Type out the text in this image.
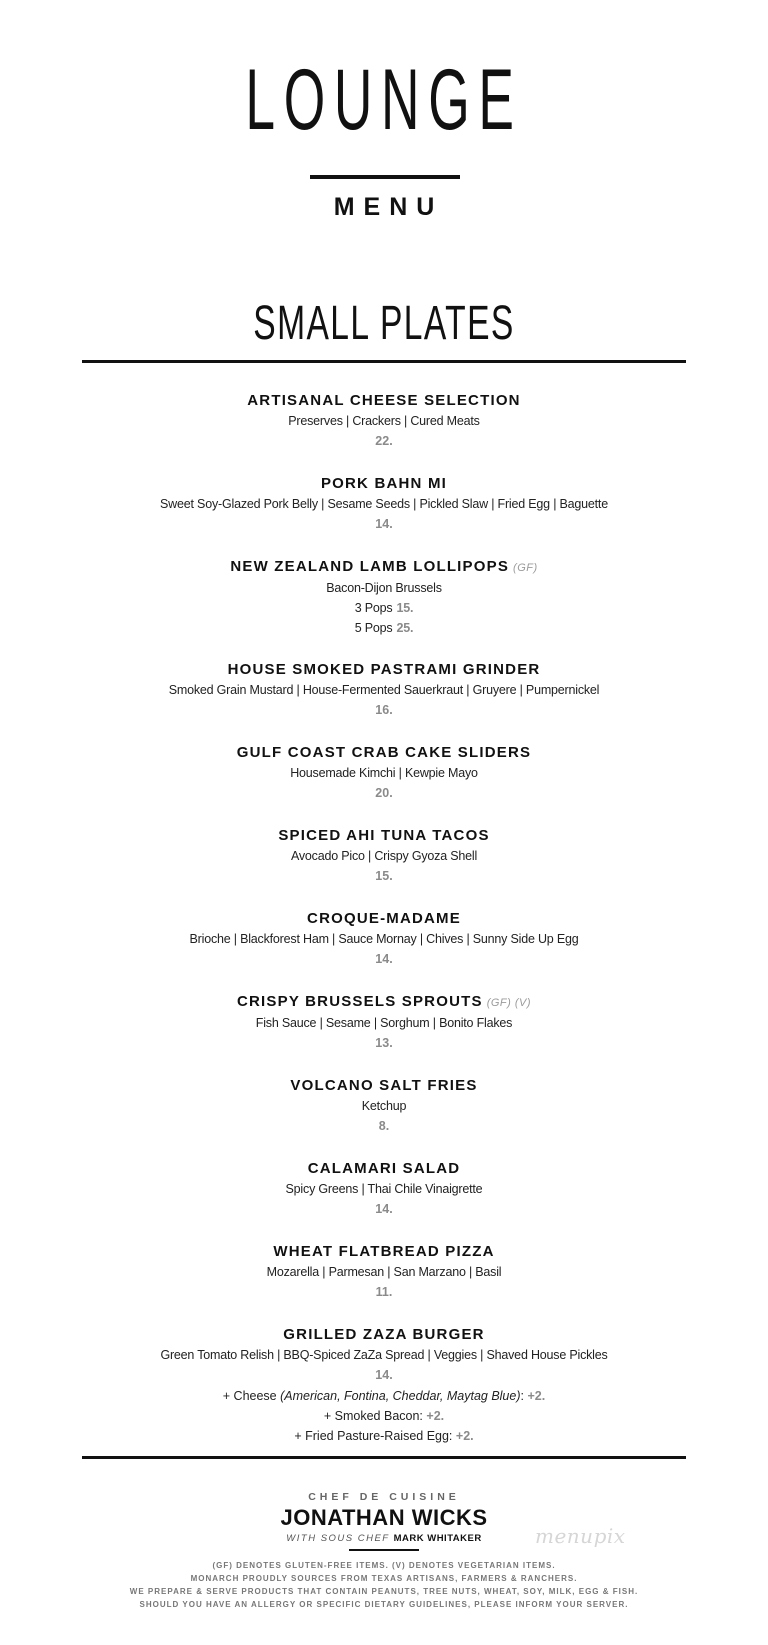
LOUNGE
MENU
SMALL PLATES
ARTISANAL CHEESE SELECTION
Preserves | Crackers | Cured Meats
22.
PORK BAHN MI
Sweet Soy-Glazed Pork Belly | Sesame Seeds | Pickled Slaw | Fried Egg | Baguette
14.
NEW ZEALAND LAMB LOLLIPOPS (GF)
Bacon-Dijon Brussels
3 Pops 15.
5 Pops 25.
HOUSE SMOKED PASTRAMI GRINDER
Smoked Grain Mustard | House-Fermented Sauerkraut | Gruyere | Pumpernickel
16.
GULF COAST CRAB CAKE SLIDERS
Housemade Kimchi | Kewpie Mayo
20.
SPICED AHI TUNA TACOS
Avocado Pico | Crispy Gyoza Shell
15.
CROQUE-MADAME
Brioche | Blackforest Ham | Sauce Mornay | Chives | Sunny Side Up Egg
14.
CRISPY BRUSSELS SPROUTS (GF) (V)
Fish Sauce | Sesame | Sorghum | Bonito Flakes
13.
VOLCANO SALT FRIES
Ketchup
8.
CALAMARI SALAD
Spicy Greens | Thai Chile Vinaigrette
14.
WHEAT FLATBREAD PIZZA
Mozarella | Parmesan | San Marzano | Basil
11.
GRILLED ZAZA BURGER
Green Tomato Relish | BBQ-Spiced ZaZa Spread | Veggies | Shaved House Pickles
14.
+ Cheese (American, Fontina, Cheddar, Maytag Blue): +2.
+ Smoked Bacon: +2.
+ Fried Pasture-Raised Egg: +2.
CHEF DE CUISINE
JONATHAN WICKS
WITH SOUS CHEF MARK WHITAKER
(GF) DENOTES GLUTEN-FREE ITEMS. (V) DENOTES VEGETARIAN ITEMS.
MONARCH PROUDLY SOURCES FROM TEXAS ARTISANS, FARMERS & RANCHERS.
WE PREPARE & SERVE PRODUCTS THAT CONTAIN PEANUTS, TREE NUTS, WHEAT, SOY, MILK, EGG & FISH.
SHOULD YOU HAVE AN ALLERGY OR SPECIFIC DIETARY GUIDELINES, PLEASE INFORM YOUR SERVER.
menupix
